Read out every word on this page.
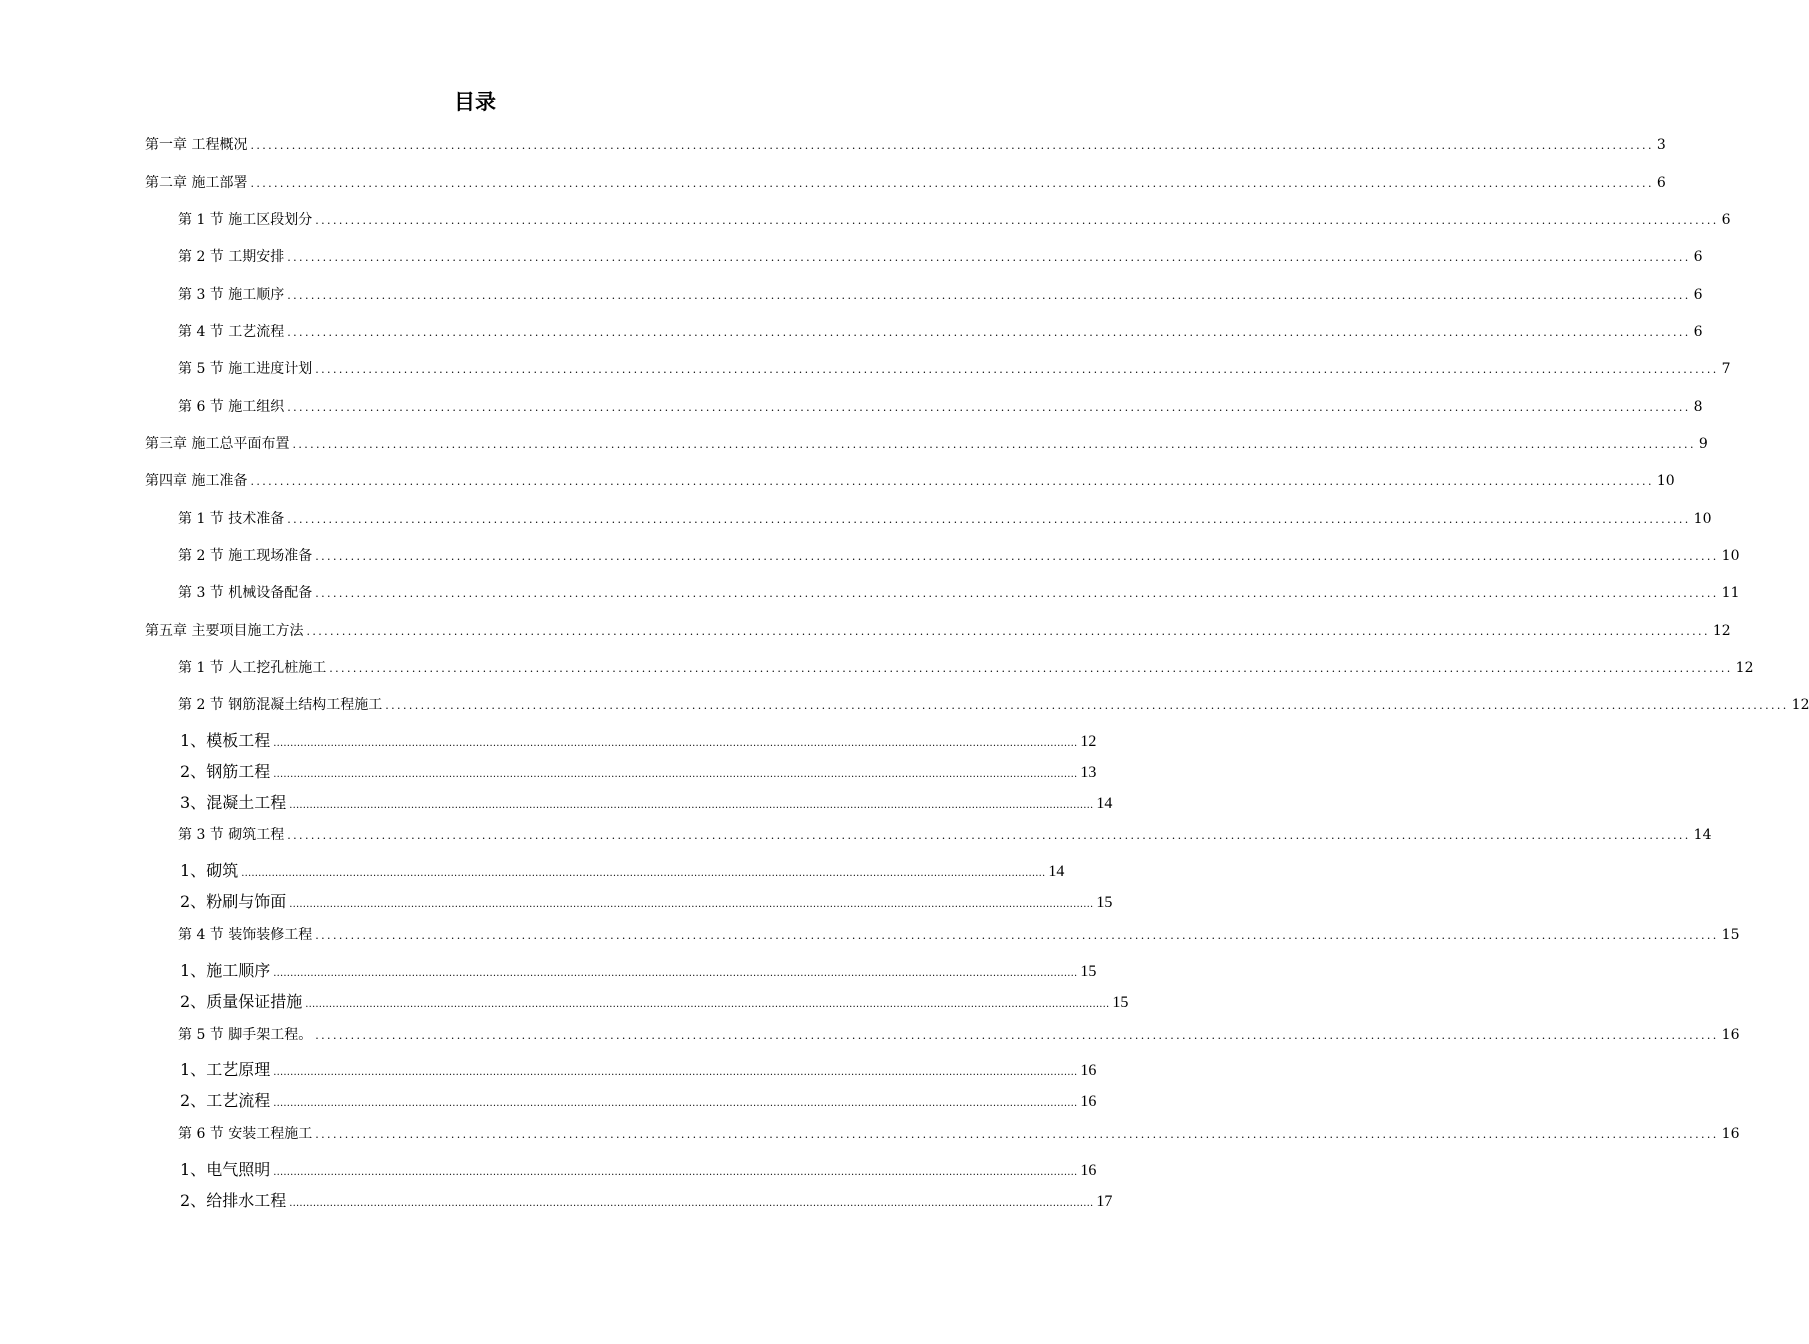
目录
第一章 工程概况 .............................................................................................................................................................................................................................................. 3
第二章 施工部署 .............................................................................................................................................................................................................................................. 6
第 1 节 施工区段划分 .............................................................................................................................................................................................................................................. 6
第 2 节 工期安排 .............................................................................................................................................................................................................................................. 6
第 3 节 施工顺序 .............................................................................................................................................................................................................................................. 6
第 4 节 工艺流程 .............................................................................................................................................................................................................................................. 6
第 5 节 施工进度计划 .............................................................................................................................................................................................................................................. 7
第 6 节 施工组织 .............................................................................................................................................................................................................................................. 8
第三章 施工总平面布置 .............................................................................................................................................................................................................................................. 9
第四章 施工准备 .............................................................................................................................................................................................................................................. 10
第 1 节 技术准备 .............................................................................................................................................................................................................................................. 10
第 2 节 施工现场准备 .............................................................................................................................................................................................................................................. 10
第 3 节 机械设备配备 .............................................................................................................................................................................................................................................. 11
第五章 主要项目施工方法 .............................................................................................................................................................................................................................................. 12
第 1 节 人工挖孔桩施工 .............................................................................................................................................................................................................................................. 12
第 2 节 钢筋混凝土结构工程施工 .............................................................................................................................................................................................................................................. 12
1、 模板工程 .............................................................................................................................................................................................................................................. 12
2、 钢筋工程 .............................................................................................................................................................................................................................................. 13
3、 混凝土工程 .............................................................................................................................................................................................................................................. 14
第 3 节 砌筑工程 .............................................................................................................................................................................................................................................. 14
1、 砌筑 .............................................................................................................................................................................................................................................. 14
2、 粉刷与饰面 .............................................................................................................................................................................................................................................. 15
第 4 节 装饰装修工程 .............................................................................................................................................................................................................................................. 15
1、 施工顺序 .............................................................................................................................................................................................................................................. 15
2、 质量保证措施 .............................................................................................................................................................................................................................................. 15
第 5 节 脚手架工程。 .............................................................................................................................................................................................................................................. 16
1、 工艺原理 .............................................................................................................................................................................................................................................. 16
2、 工艺流程 .............................................................................................................................................................................................................................................. 16
第 6 节 安装工程施工 .............................................................................................................................................................................................................................................. 16
1、 电气照明 .............................................................................................................................................................................................................................................. 16
2、 给排水工程 .............................................................................................................................................................................................................................................. 17
